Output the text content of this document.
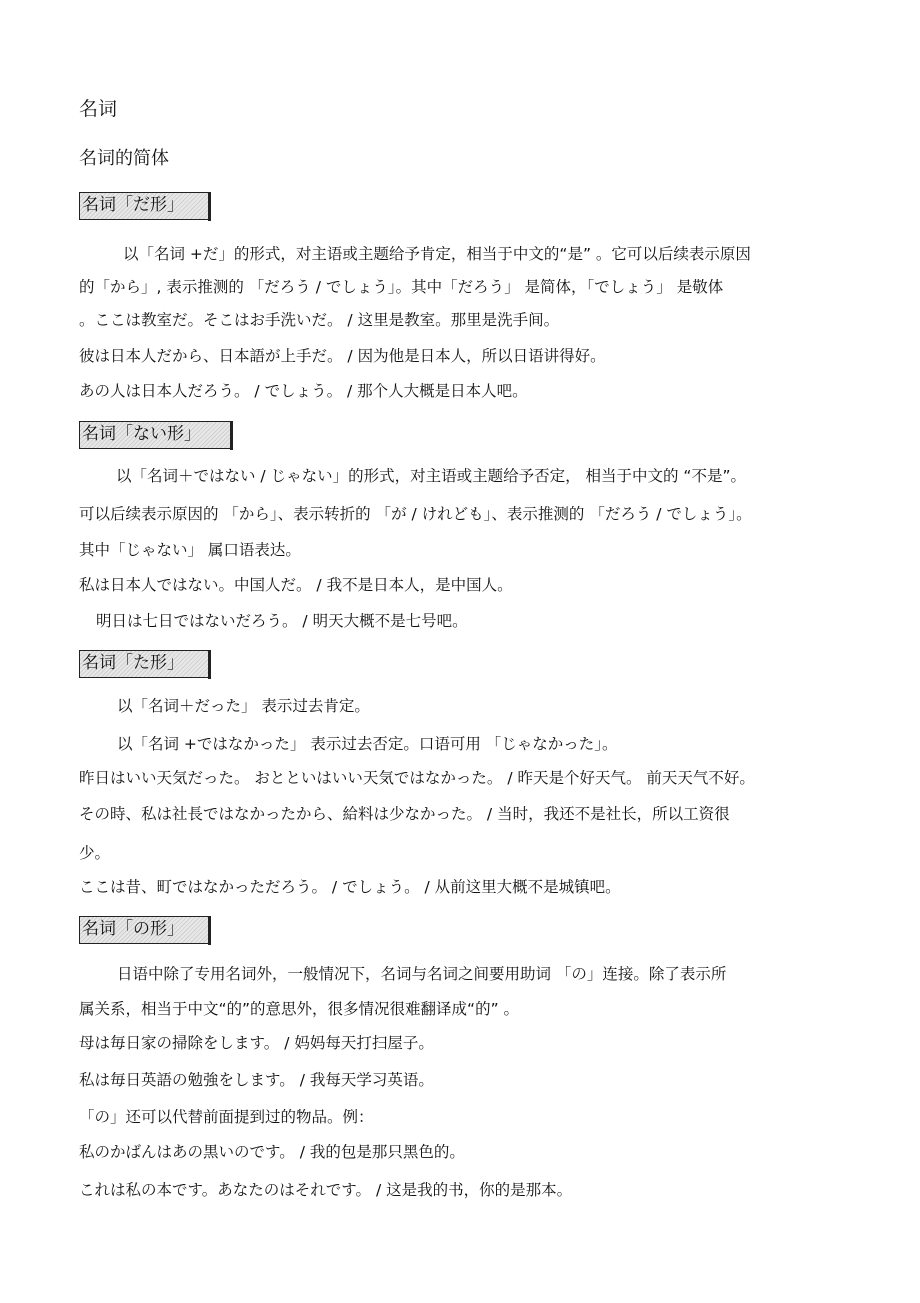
名词
名词的简体
名词「だ形」
以「名词 +だ」的形式，对主语或主题给予肯定，相当于中文的“是” 。它可以后续表示原因
的「から」, 表示推测的 「だろう / でしょう」。其中「だろう」 是简体，「でしょう」 是敬体
。ここは教室だ。そこはお手洗いだ。 / 这里是教室。那里是洗手间。
彼は日本人だから、日本語が上手だ。 / 因为他是日本人，所以日语讲得好。
あの人は日本人だろう。 / でしょう。 / 那个人大概是日本人吧。
名词「ない形」
以「名词＋ではない / じゃない」的形式，对主语或主题给予否定， 相当于中文的 “不是”。
可以后续表示原因的 「から」、表示转折的 「が / けれども」、表示推测的 「だろう / でしょう」。
其中「じゃない」 属口语表达。
私は日本人ではない。中国人だ。 / 我不是日本人，是中国人。
明日は七日ではないだろう。 / 明天大概不是七号吧。
名词「た形」
以「名词＋だった」 表示过去肯定。
以「名词 +ではなかった」 表示过去否定。口语可用 「じゃなかった」。
昨日はいい天気だった。 おとといはいい天気ではなかった。 / 昨天是个好天气。 前天天气不好。
その時、私は社長ではなかったから、給料は少なかった。 / 当时，我还不是社长，所以工资很
少。
ここは昔、町ではなかっただろう。 / でしょう。 / 从前这里大概不是城镇吧。
名词「の形」
日语中除了专用名词外，一般情况下，名词与名词之间要用助词 「の」连接。除了表示所
属关系，相当于中文“的”的意思外，很多情况很难翻译成“的” 。
母は毎日家の掃除をします。 / 妈妈每天打扫屋子。
私は毎日英語の勉強をします。 / 我每天学习英语。
「の」还可以代替前面提到过的物品。例：
私のかばんはあの黒いのです。 / 我的包是那只黑色的。
これは私の本です。あなたのはそれです。 / 这是我的书，你的是那本。
